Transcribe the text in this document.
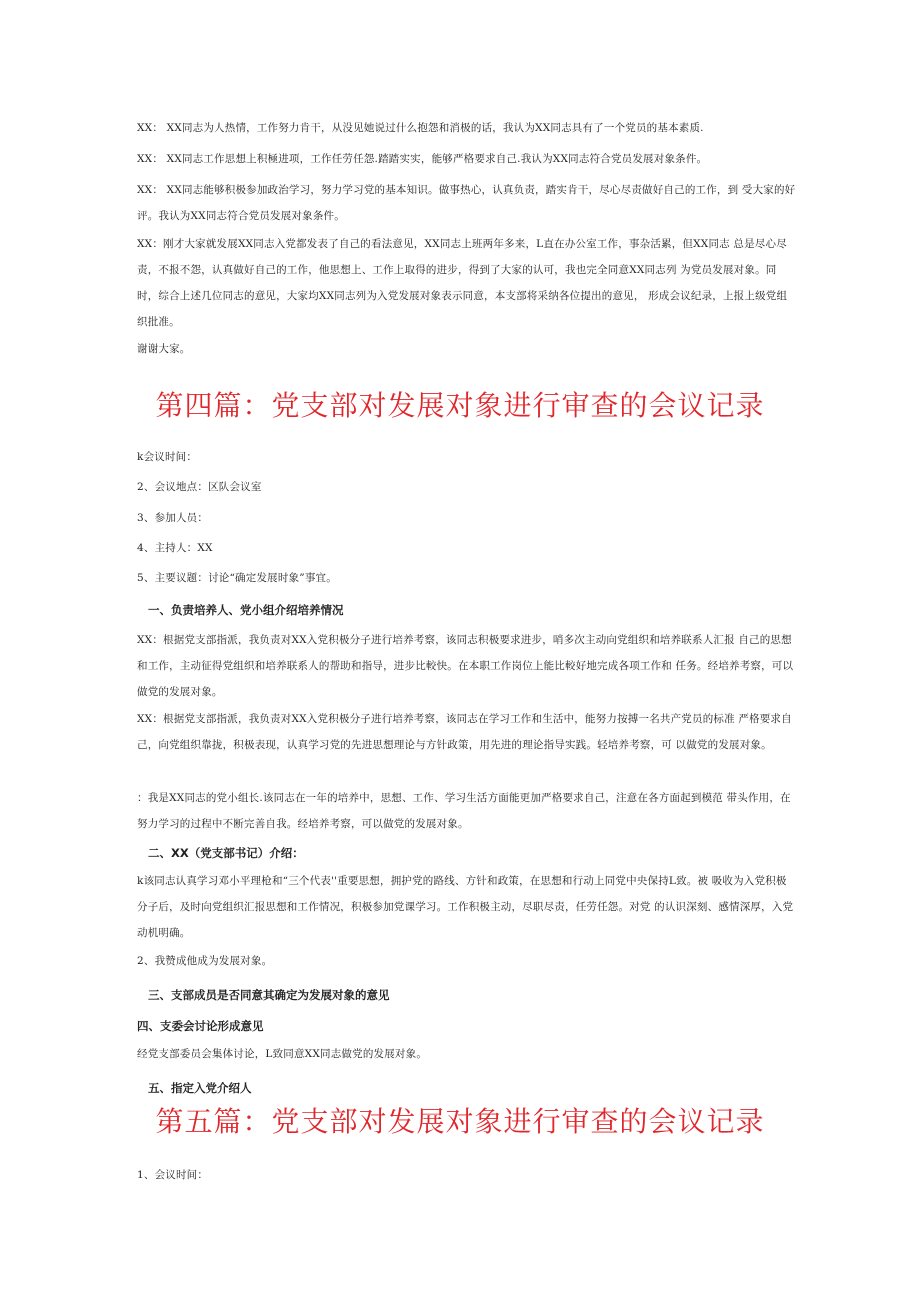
XX： XX同志为人热情，工作努力肯干，从没见她说过什么抱怨和消极的话，我认为XX同志具有了一个党员的基本素质.
XX： XX同志工作思想上积極进项，工作任劳任怨.踏踏实实，能够严格要求自己.我认为XX同志符合党员发展对象条件。
XX： XX同志能够积极参加政治学习，努力学习党的基本知识。做事热心，认真负责，踏实肯干，尽心尽责做好自己的工作，到 受大家的好评。我认为XX同志符合党员发展对象条件。
XX：刚才大家就发展XX同志入党都发表了自己的看法意见，XX同志上班两年多来，L直在办公室工作，事杂活累，但XX同志 总是尽心尽责，不报不怨，认真做好自己的工作，他思想上、工作上取得的进步，得到了大家的认可，我也完全同意XX同志列 为党员发展对象。同时，综合上述几位同志的意见，大家均XX同志列为入党发展对象表示同意，本支部将采纳各位提出的意见， 形成会议纪录，上报上级党组织批准。
谢谢大家。
第四篇：党支部对发展对象进行审查的会议记录
k会议时间：
2、会议地点：区队会议室
3、参加人员：
4、主持人：XX
5、主要议题：讨论“确定发展时象”事宜。
一、负责培养人、党小组介绍培养情况
XX：根据党支部指派，我负责对XX入党积极分子进行培养考察，该同志积极要求进步，哨多次主动向党组织和培养联系人汇报 自己的思想和工作，主动征得党组织和培养联系人的帮助和指导，进步比較快。在本职工作岗位上能比較好地完成各项工作和 任务。经培养考察，可以做党的发展对象。
XX：根据党支部指派，我负责对XX入党积极分子进行培养考察，该同志在学习工作和生活中，能努力按搏一名共产党员的标准 严格要求自己，向党组织靠拢，积极表现，认真学习党的先进思想理论与方针政策，用先进的理论指导实践。轻培养考察，可 以做党的发展对象。
：我是XX同志的党小组长.该同志在一年的培养中，思想、工作、学习生活方面能更加严格要求自己，注意在各方面起到模范 带头作用，在努力学习的过程中不断完善自我。经培养考察，可以做党的发展对象。
二、XX（党支部书记）介绍：
k该同志认真学习邓小平理枪和“三个代表''重要思想，拥护党的路线、方针和政策，在思想和行动上同党中央保持L致。被 吸收为入党积极分子后，及时向党组织汇报思想和工作情况，积极参加党课学习。工作积极主动，尽职尽责，任劳任怨。对党 的认识深刻、感情深厚，入党动机明确。
2、我赞成他成为发展对象。
三、支部成员是否同意其确定为发展对象的意见
四、支委会讨论形成意见
经党支部委员会集体讨论，L致同意XX同志做党的发展对象。
五、指定入党介绍人
第五篇：党支部对发展对象进行审查的会议记录
1、会议时间：
